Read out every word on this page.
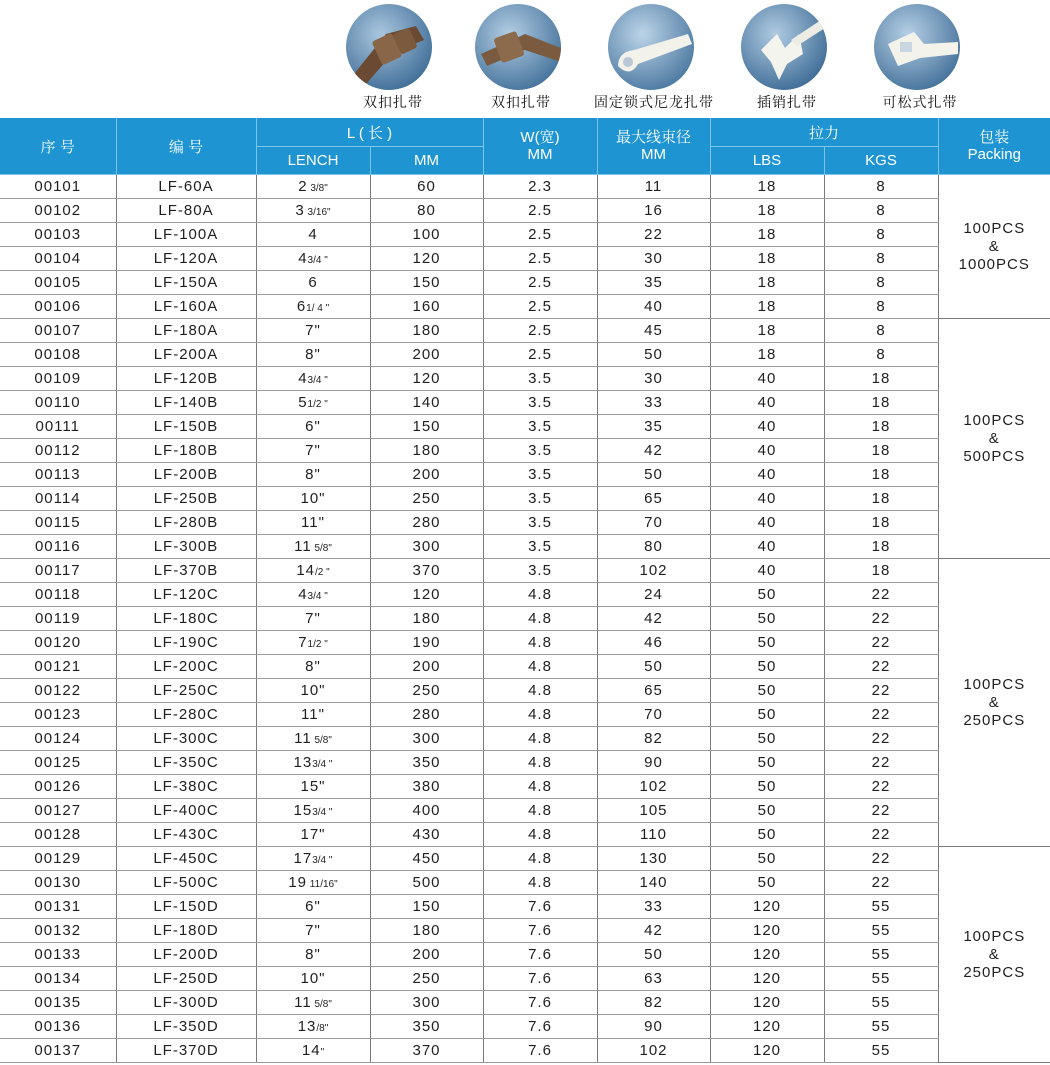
双扣扎带	双扣扎带	固定锁式尼龙扎带	插销扎带	可松式扎带
序 号	编 号	L ( 长 )		W(宽)
MM	最大线束径
MM	拉力		包装
Packing

		LENCH	MM			LBS	KGS	
00101	LF-60A	2 3/8"	60	2.3	11	18	8	100PCS
&
1000PCS

00102	LF-80A	3 3/16"	80	2.5	16	18	8	
00103	LF-100A	4	100	2.5	22	18	8	
00104	LF-120A	43/4 "	120	2.5	30	18	8	
00105	LF-150A	6	150	2.5	35	18	8	
00106	LF-160A	61/ 4 "	160	2.5	40	18	8	
00107	LF-180A	7"	180	2.5	45	18	8	100PCS
&
500PCS

00108	LF-200A	8"	200	2.5	50	18	8	
00109	LF-120B	43/4 "	120	3.5	30	40	18	
00110	LF-140B	51/2 "	140	3.5	33	40	18	
00111	LF-150B	6"	150	3.5	35	40	18	
00112	LF-180B	7"	180	3.5	42	40	18	
00113	LF-200B	8"	200	3.5	50	40	18	
00114	LF-250B	10"	250	3.5	65	40	18	
00115	LF-280B	11"	280	3.5	70	40	18	
00116	LF-300B	11 5/8"	300	3.5	80	40	18	
00117	LF-370B	14/2 "	370	3.5	102	40	18	100PCS
&
250PCS

00118	LF-120C	43/4 "	120	4.8	24	50	22	
00119	LF-180C	7"	180	4.8	42	50	22	
00120	LF-190C	71/2 "	190	4.8	46	50	22	
00121	LF-200C	8"	200	4.8	50	50	22	
00122	LF-250C	10"	250	4.8	65	50	22	
00123	LF-280C	11"	280	4.8	70	50	22	
00124	LF-300C	11 5/8"	300	4.8	82	50	22	
00125	LF-350C	133/4 "	350	4.8	90	50	22	
00126	LF-380C	15"	380	4.8	102	50	22	
00127	LF-400C	153/4 "	400	4.8	105	50	22	
00128	LF-430C	17"	430	4.8	110	50	22	
00129	LF-450C	173/4 "	450	4.8	130	50	22	100PCS
&
250PCS

00130	LF-500C	19 11/16"	500	4.8	140	50	22	
00131	LF-150D	6"	150	7.6	33	120	55	
00132	LF-180D	7"	180	7.6	42	120	55	
00133	LF-200D	8"	200	7.6	50	120	55	
00134	LF-250D	10"	250	7.6	63	120	55	
00135	LF-300D	11 5/8"	300	7.6	82	120	55	
00136	LF-350D	13/8"	350	7.6	90	120	55	
00137	LF-370D	14"	370	7.6	102	120	55	
